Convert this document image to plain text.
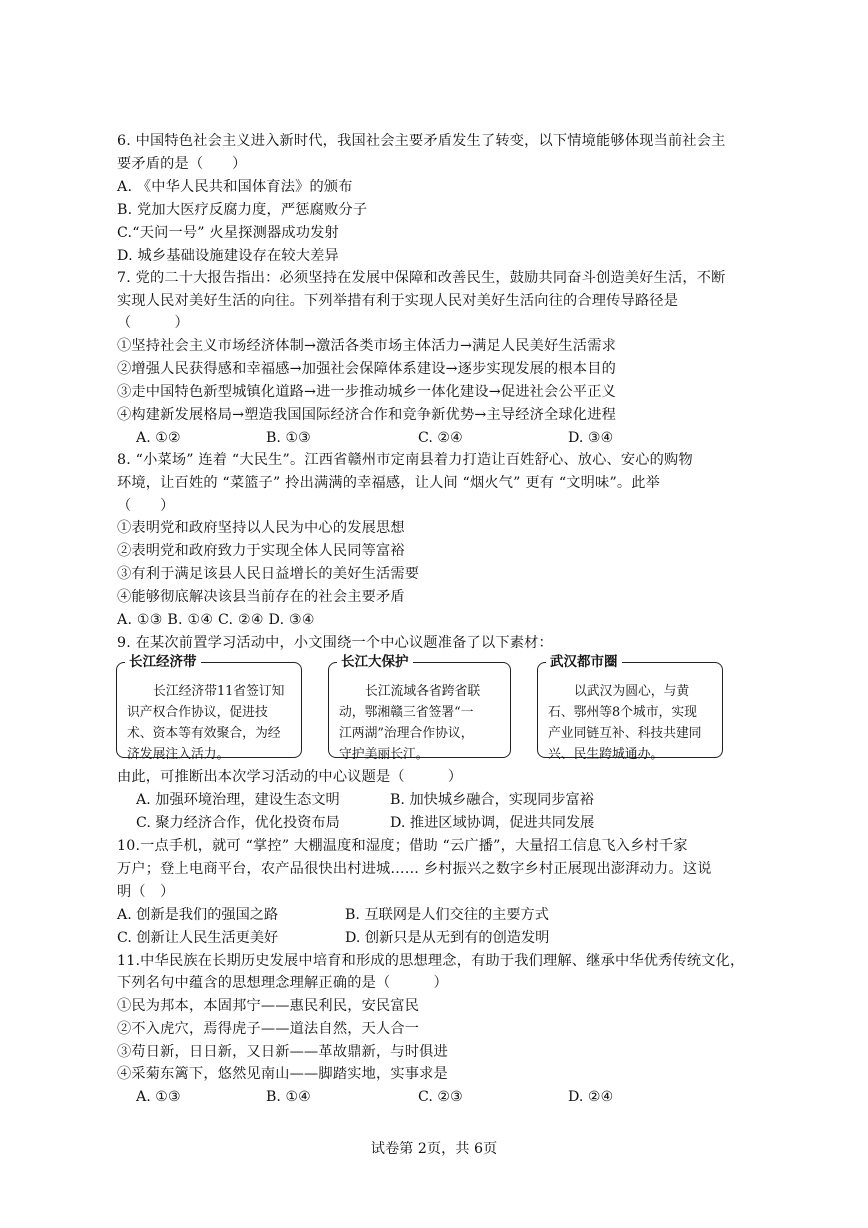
6. 中国特色社会主义进入新时代，我国社会主要矛盾发生了转变，以下情境能够体现当前社会主
要矛盾的是（　　）
A. 《中华人民共和国体育法》的颁布
B. 党加大医疗反腐力度，严惩腐败分子
C.“天问一号” 火星探测器成功发射
D. 城乡基础设施建设存在较大差异
7. 党的二十大报告指出：必须坚持在发展中保障和改善民生，鼓励共同奋斗创造美好生活，不断
实现人民对美好生活的向往。下列举措有利于实现人民对美好生活向往的合理传导路径是
（　　　）
①坚持社会主义市场经济体制→激活各类市场主体活力→满足人民美好生活需求
②增强人民获得感和幸福感→加强社会保障体系建设→逐步实现发展的根本目的
③走中国特色新型城镇化道路→进一步推动城乡一体化建设→促进社会公平正义
④构建新发展格局→塑造我国国际经济合作和竞争新优势→主导经济全球化进程
A. ①②	B. ①③	C. ②④	D. ③④
8. “小菜场” 连着 “大民生”。江西省赣州市定南县着力打造让百姓舒心、放心、安心的购物
环境，让百姓的 “菜篮子” 拎出满满的幸福感，让人间 “烟火气” 更有 “文明味”。此举
（　　）
①表明党和政府坚持以人民为中心的发展思想
②表明党和政府致力于实现全体人民同等富裕
③有利于满足该县人民日益增长的美好生活需要
④能够彻底解决该县当前存在的社会主要矛盾
A. ①③ B. ①④ C. ②④ D. ③④
9. 在某次前置学习活动中，小文围绕一个中心议题准备了以下素材：
长江经济带
长江经济带11省签订知
识产权合作协议，促进技
术、资本等有效聚合，为经
济发展注入活力。
长江大保护
长江流域各省跨省联
动，鄂湘赣三省签署“一
江两湖”治理合作协议，
守护美丽长江。
武汉都市圈
以武汉为圆心，与黄
石、鄂州等8个城市，实现
产业同链互补、科技共建同
兴、民生跨城通办。
由此，可推断出本次学习活动的中心议题是（　　　）
A. 加强环境治理，建设生态文明	B. 加快城乡融合，实现同步富裕
C. 聚力经济合作，优化投资布局	D. 推进区域协调，促进共同发展
10.一点手机，就可 “掌控” 大棚温度和湿度；借助 “云广播”，大量招工信息飞入乡村千家
万户；登上电商平台，农产品很快出村进城…… 乡村振兴之数字乡村正展现出澎湃动力。这说
明（　）
A. 创新是我们的强国之路	B. 互联网是人们交往的主要方式
C. 创新让人民生活更美好	D. 创新只是从无到有的创造发明
11.中华民族在长期历史发展中培育和形成的思想理念，有助于我们理解、继承中华优秀传统文化，
下列名句中蕴含的思想理念理解正确的是（　　　）
①民为邦本，本固邦宁——惠民利民，安民富民
②不入虎穴，焉得虎子——道法自然，天人合一
③苟日新，日日新，又日新——革故鼎新，与时俱进
④采菊东篱下，悠然见南山——脚踏实地，实事求是
A. ①③	B. ①④	C. ②③	D. ②④
试卷第 2页，共 6页
